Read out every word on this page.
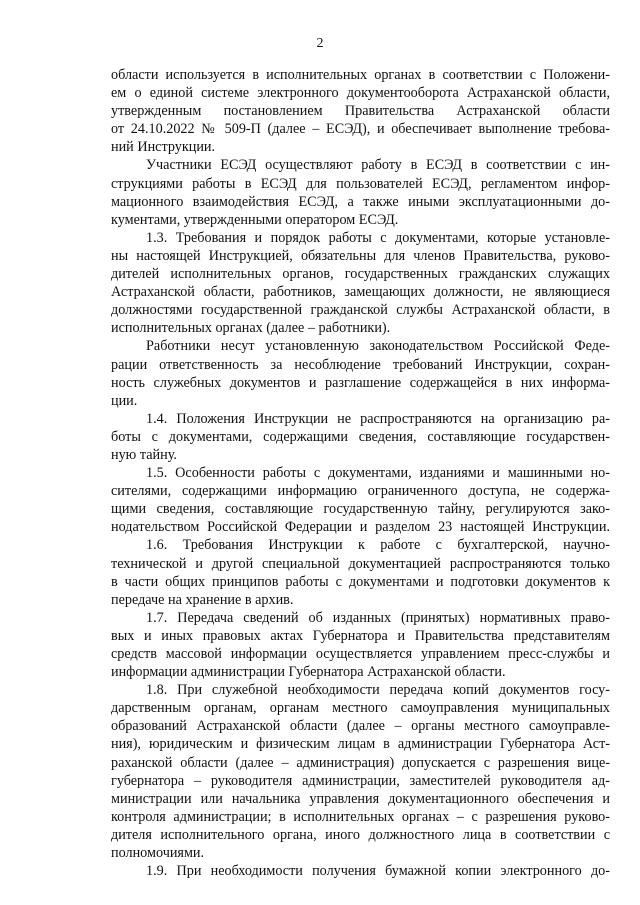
2
области используется в исполнительных органах в соответствии с Положени-
ем о единой системе электронного документооборота Астраханской области,
утвержденным постановлением Правительства Астраханской области
от 24.10.2022 № 509-П (далее – ЕСЭД), и обеспечивает выполнение требова-
ний Инструкции.
Участники ЕСЭД осуществляют работу в ЕСЭД в соответствии с ин-
струкциями работы в ЕСЭД для пользователей ЕСЭД, регламентом инфор-
мационного взаимодействия ЕСЭД, а также иными эксплуатационными до-
кументами, утвержденными оператором ЕСЭД.
1.3. Требования и порядок работы с документами, которые установле-
ны настоящей Инструкцией, обязательны для членов Правительства, руково-
дителей исполнительных органов, государственных гражданских служащих
Астраханской области, работников, замещающих должности, не являющиеся
должностями государственной гражданской службы Астраханской области, в
исполнительных органах (далее – работники).
Работники несут установленную законодательством Российской Феде-
рации ответственность за несоблюдение требований Инструкции, сохран-
ность служебных документов и разглашение содержащейся в них информа-
ции.
1.4. Положения Инструкции не распространяются на организацию ра-
боты с документами, содержащими сведения, составляющие государствен-
ную тайну.
1.5. Особенности работы с документами, изданиями и машинными но-
сителями, содержащими информацию ограниченного доступа, не содержа-
щими сведения, составляющие государственную тайну, регулируются зако-
нодательством Российской Федерации и разделом 23 настоящей Инструкции.
1.6. Требования Инструкции к работе с бухгалтерской, научно-
технической и другой специальной документацией распространяются только
в части общих принципов работы с документами и подготовки документов к
передаче на хранение в архив.
1.7. Передача сведений об изданных (принятых) нормативных право-
вых и иных правовых актах Губернатора и Правительства представителям
средств массовой информации осуществляется управлением пресс-службы и
информации администрации Губернатора Астраханской области.
1.8. При служебной необходимости передача копий документов госу-
дарственным органам, органам местного самоуправления муниципальных
образований Астраханской области (далее – органы местного самоуправле-
ния), юридическим и физическим лицам в администрации Губернатора Аст-
раханской области (далее – администрация) допускается с разрешения вице-
губернатора – руководителя администрации, заместителей руководителя ад-
министрации или начальника управления документационного обеспечения и
контроля администрации; в исполнительных органах – с разрешения руково-
дителя исполнительного органа, иного должностного лица в соответствии с
полномочиями.
1.9. При необходимости получения бумажной копии электронного до-
